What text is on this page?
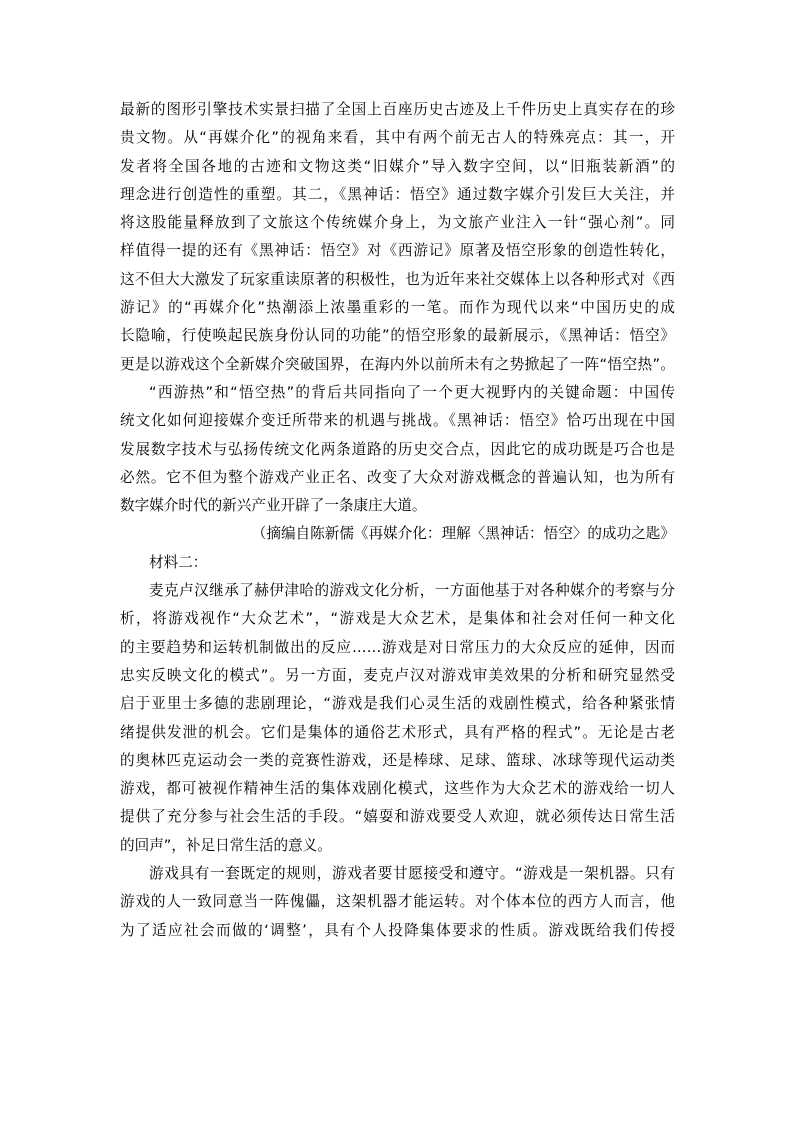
最新的图形引擎技术实景扫描了全国上百座历史古迹及上千件历史上真实存在的珍
贵文物。从“再媒介化”的视角来看，其中有两个前无古人的特殊亮点：其一，开
发者将全国各地的古迹和文物这类“旧媒介”导入数字空间，以“旧瓶装新酒”的
理念进行创造性的重塑。其二，《黑神话：悟空》通过数字媒介引发巨大关注，并
将这股能量释放到了文旅这个传统媒介身上，为文旅产业注入一针“强心剂”。同
样值得一提的还有《黑神话：悟空》对《西游记》原著及悟空形象的创造性转化，
这不但大大激发了玩家重读原著的积极性，也为近年来社交媒体上以各种形式对《西
游记》的“再媒介化”热潮添上浓墨重彩的一笔。而作为现代以来“中国历史的成
长隐喻，行使唤起民族身份认同的功能”的悟空形象的最新展示，《黑神话：悟空》
更是以游戏这个全新媒介突破国界，在海内外以前所未有之势掀起了一阵“悟空热”。
“西游热”和“悟空热”的背后共同指向了一个更大视野内的关键命题：中国传
统文化如何迎接媒介变迁所带来的机遇与挑战。《黑神话：悟空》恰巧出现在中国
发展数字技术与弘扬传统文化两条道路的历史交合点，因此它的成功既是巧合也是
必然。它不但为整个游戏产业正名、改变了大众对游戏概念的普遍认知，也为所有
数字媒介时代的新兴产业开辟了一条康庄大道。
（摘编自陈新儒《再媒介化：理解〈黑神话：悟空〉的成功之匙》
材料二：
麦克卢汉继承了赫伊津哈的游戏文化分析，一方面他基于对各种媒介的考察与分
析，将游戏视作“大众艺术”，“游戏是大众艺术，是集体和社会对任何一种文化
的主要趋势和运转机制做出的反应……游戏是对日常压力的大众反应的延伸，因而
忠实反映文化的模式”。另一方面，麦克卢汉对游戏审美效果的分析和研究显然受
启于亚里士多德的悲剧理论，“游戏是我们心灵生活的戏剧性模式，给各种紧张情
绪提供发泄的机会。它们是集体的通俗艺术形式，具有严格的程式”。无论是古老
的奥林匹克运动会一类的竞赛性游戏，还是棒球、足球、篮球、冰球等现代运动类
游戏，都可被视作精神生活的集体戏剧化模式，这些作为大众艺术的游戏给一切人
提供了充分参与社会生活的手段。“嬉耍和游戏要受人欢迎，就必须传达日常生活
的回声”，补足日常生活的意义。
游戏具有一套既定的规则，游戏者要甘愿接受和遵守。“游戏是一架机器。只有
游戏的人一致同意当一阵傀儡，这架机器才能运转。对个体本位的西方人而言，他
为了适应社会而做的‘调整’，具有个人投降集体要求的性质。游戏既给我们传授
